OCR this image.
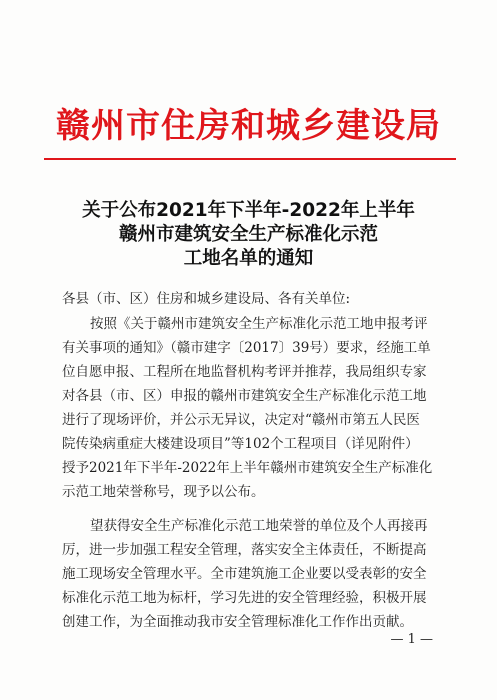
赣州市住房和城乡建设局
关于公布2021年下半年-2022年上半年
赣州市建筑安全生产标准化示范
工地名单的通知
各县（市、区）住房和城乡建设局、各有关单位:
按照《关于赣州市建筑安全生产标准化示范工地申报考评
有关事项的通知》（赣市建字〔2017〕39号）要求，经施工单
位自愿申报、工程所在地监督机构考评并推荐，我局组织专家
对各县（市、区）申报的赣州市建筑安全生产标准化示范工地
进行了现场评价，并公示无异议，决定对“赣州市第五人民医
院传染病重症大楼建设项目”等102个工程项目（详见附件）
授予2021年下半年-2022年上半年赣州市建筑安全生产标准化
示范工地荣誉称号，现予以公布。
望获得安全生产标准化示范工地荣誉的单位及个人再接再
厉，进一步加强工程安全管理，落实安全主体责任，不断提高
施工现场安全管理水平。全市建筑施工企业要以受表彰的安全
标准化示范工地为标杆，学习先进的安全管理经验，积极开展
创建工作，为全面推动我市安全管理标准化工作作出贡献。
— 1 —
